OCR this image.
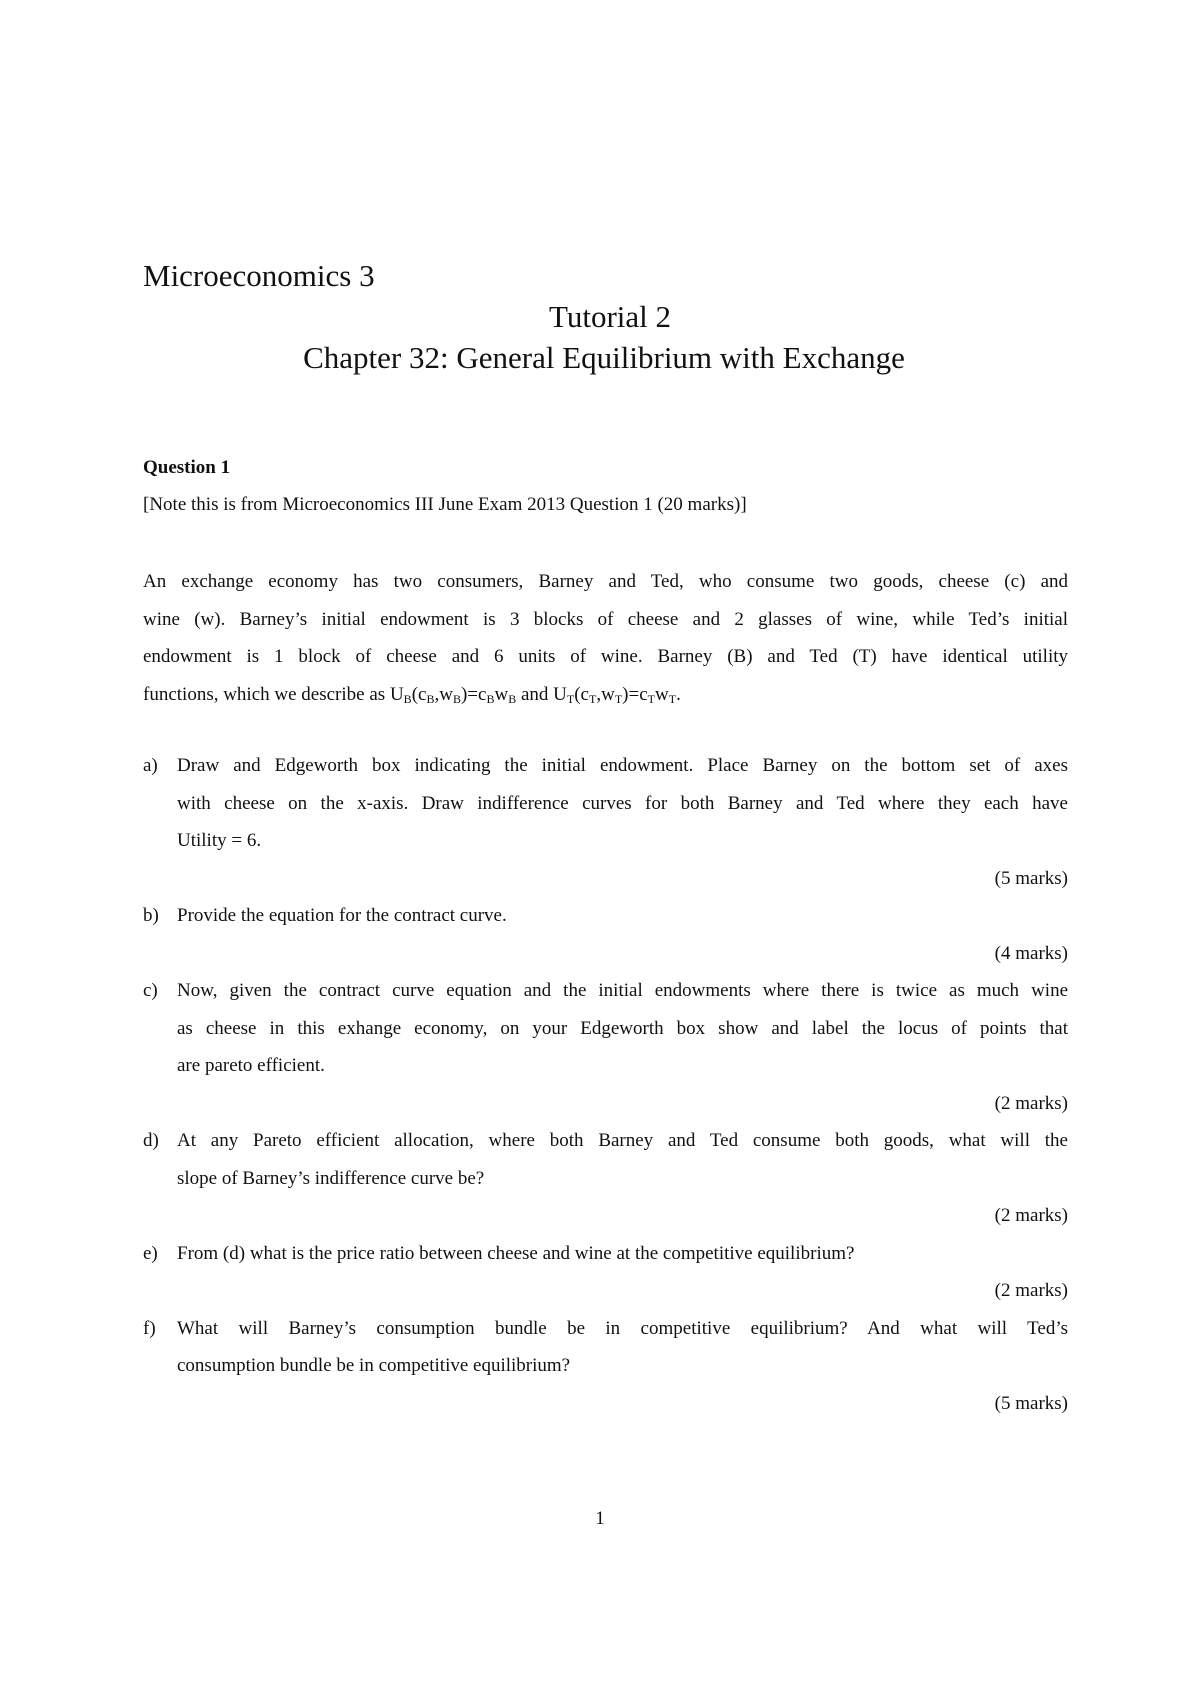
Microeconomics 3
Tutorial 2
Chapter 32: General Equilibrium with Exchange
Question 1
[Note this is from Microeconomics III June Exam 2013 Question 1 (20 marks)]
An exchange economy has two consumers, Barney and Ted, who consume two goods, cheese (c) and
wine (w). Barney’s initial endowment is 3 blocks of cheese and 2 glasses of wine, while Ted’s initial
endowment is 1 block of cheese and 6 units of wine. Barney (B) and Ted (T) have identical utility
functions, which we describe as $U_B(c_B,w_B)=c_Bw_B$ and $U_T(c_T,w_T)=c_Tw_T$.
a)	Draw and Edgeworth box indicating the initial endowment. Place Barney on the bottom set of axes
with cheese on the x-axis. Draw indifference curves for both Barney and Ted where they each have
Utility = 6.
(5 marks)
b) Provide the equation for the contract curve.
(4 marks)
c)	Now, given the contract curve equation and the initial endowments where there is twice as much wine
as cheese in this exhange economy, on your Edgeworth box show and label the locus of points that
are pareto efficient.
(2 marks)
d) At any Pareto efficient allocation, where both Barney and Ted consume both goods, what will the
slope of Barney’s indifference curve be?
(2 marks)
e)	From (d) what is the price ratio between cheese and wine at the competitive equilibrium?
(2 marks)
f)	What will Barney’s consumption bundle be in competitive equilibrium? And what will Ted’s
consumption bundle be in competitive equilibrium?
(5 marks)
1
